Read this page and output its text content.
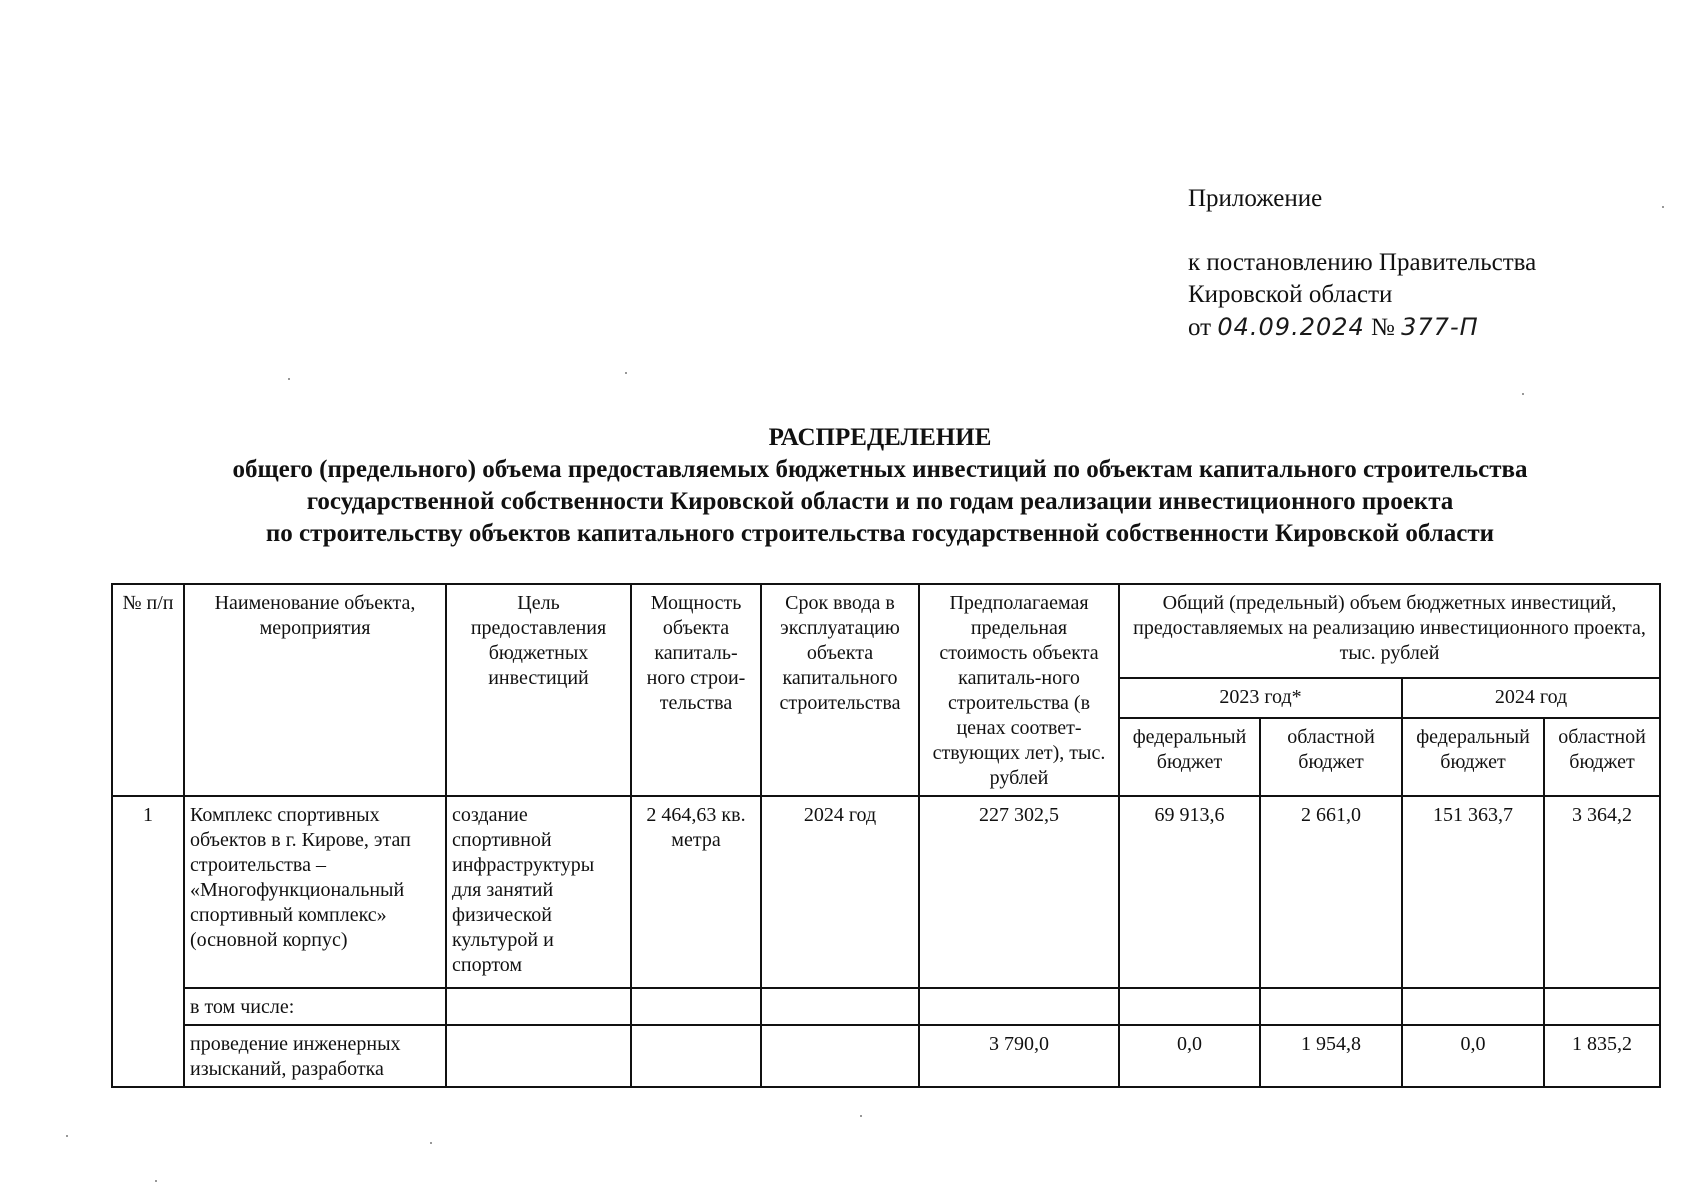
Приложение
к постановлению Правительства
Кировской области
от 04.09.2024 № 377-П
РАСПРЕДЕЛЕНИЕ
общего (предельного) объема предоставляемых бюджетных инвестиций по объектам капитального строительства
государственной собственности Кировской области и по годам реализации инвестиционного проекта
по строительству объектов капитального строительства государственной собственности Кировской области
№ п/п	Наименование объекта, мероприятия	Цель предоставления бюджетных инвестиций	Мощность объекта капиталь-ного строи-тельства	Срок ввода в эксплуатацию объекта капитального строительства	Предполагаемая предельная стоимость объекта капиталь-ного строительства (в ценах соответ-ствующих лет), тыс. рублей	Общий (предельный) объем бюджетных инвестиций, предоставляемых на реализацию инвестиционного проекта, тыс. рублей			
						2023 год*		2024 год	
						федеральный бюджет	областной бюджет	федеральный бюджет	областной бюджет
1	Комплекс спортивных объектов в г. Кирове, этап строительства – «Многофункциональный спортивный комплекс» (основной корпус)	создание спортивной инфраструктуры для занятий физической культурой и спортом	2 464,63 кв. метра	2024 год	227 302,5	69 913,6	2 661,0	151 363,7	3 364,2
	в том числе:								
	проведение инженерных изысканий, разработка				3 790,0	0,0	1 954,8	0,0	1 835,2
